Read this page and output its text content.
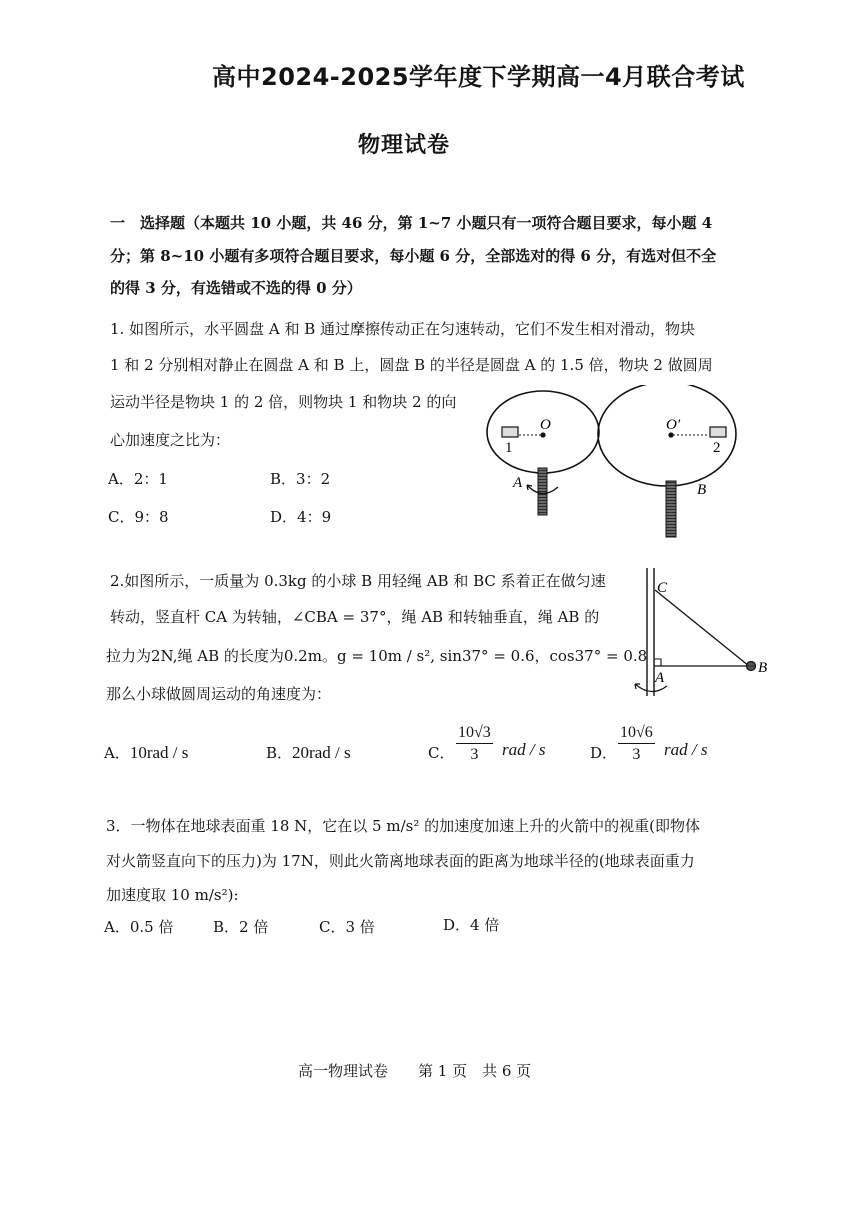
高中2024-2025学年度下学期高一4月联合考试
物理试卷
一　选择题（本题共 10 小题，共 46 分，第 1~7 小题只有一项符合题目要求，每小题 4
分；第 8~10 小题有多项符合题目要求，每小题 6 分，全部选对的得 6 分，有选对但不全
的得 3 分，有选错或不选的得 0 分）
1. 如图所示，水平圆盘 A 和 B 通过摩擦传动正在匀速转动，它们不发生相对滑动，物块
1 和 2 分别相对静止在圆盘 A 和 B 上，圆盘 B 的半径是圆盘 A 的 1.5 倍，物块 2 做圆周
运动半径是物块 1 的 2 倍，则物块 1 和物块 2 的向
心加速度之比为：
A．2：1	B．3：2
C．9：8	D．4：9
O	O′
1	2
A	B
2.如图所示，一质量为 0.3kg 的小球 B 用轻绳 AB 和 BC 系着正在做匀速
转动，竖直杆 CA 为转轴，∠CBA = 37°，绳 AB 和转轴垂直，绳 AB 的
拉力为2N,绳 AB 的长度为0.2m。g = 10m / s², sin37° = 0.6，cos37° = 0.8
那么小球做圆周运动的角速度为：
C
A
B
A．10rad / s	B．20rad / s	C． $\frac{10√3}{3}$ rad / s	D． $\frac{10√6}{3}$ rad / s
3．一物体在地球表面重 18 N，它在以 5 m/s² 的加速度加速上升的火箭中的视重(即物体
对火箭竖直向下的压力)为 17N，则此火箭离地球表面的距离为地球半径的(地球表面重力
加速度取 10 m/s²):
A．0.5 倍	B．2 倍	C．3 倍	D．4 倍
高一物理试卷　　第 1 页　共 6 页
